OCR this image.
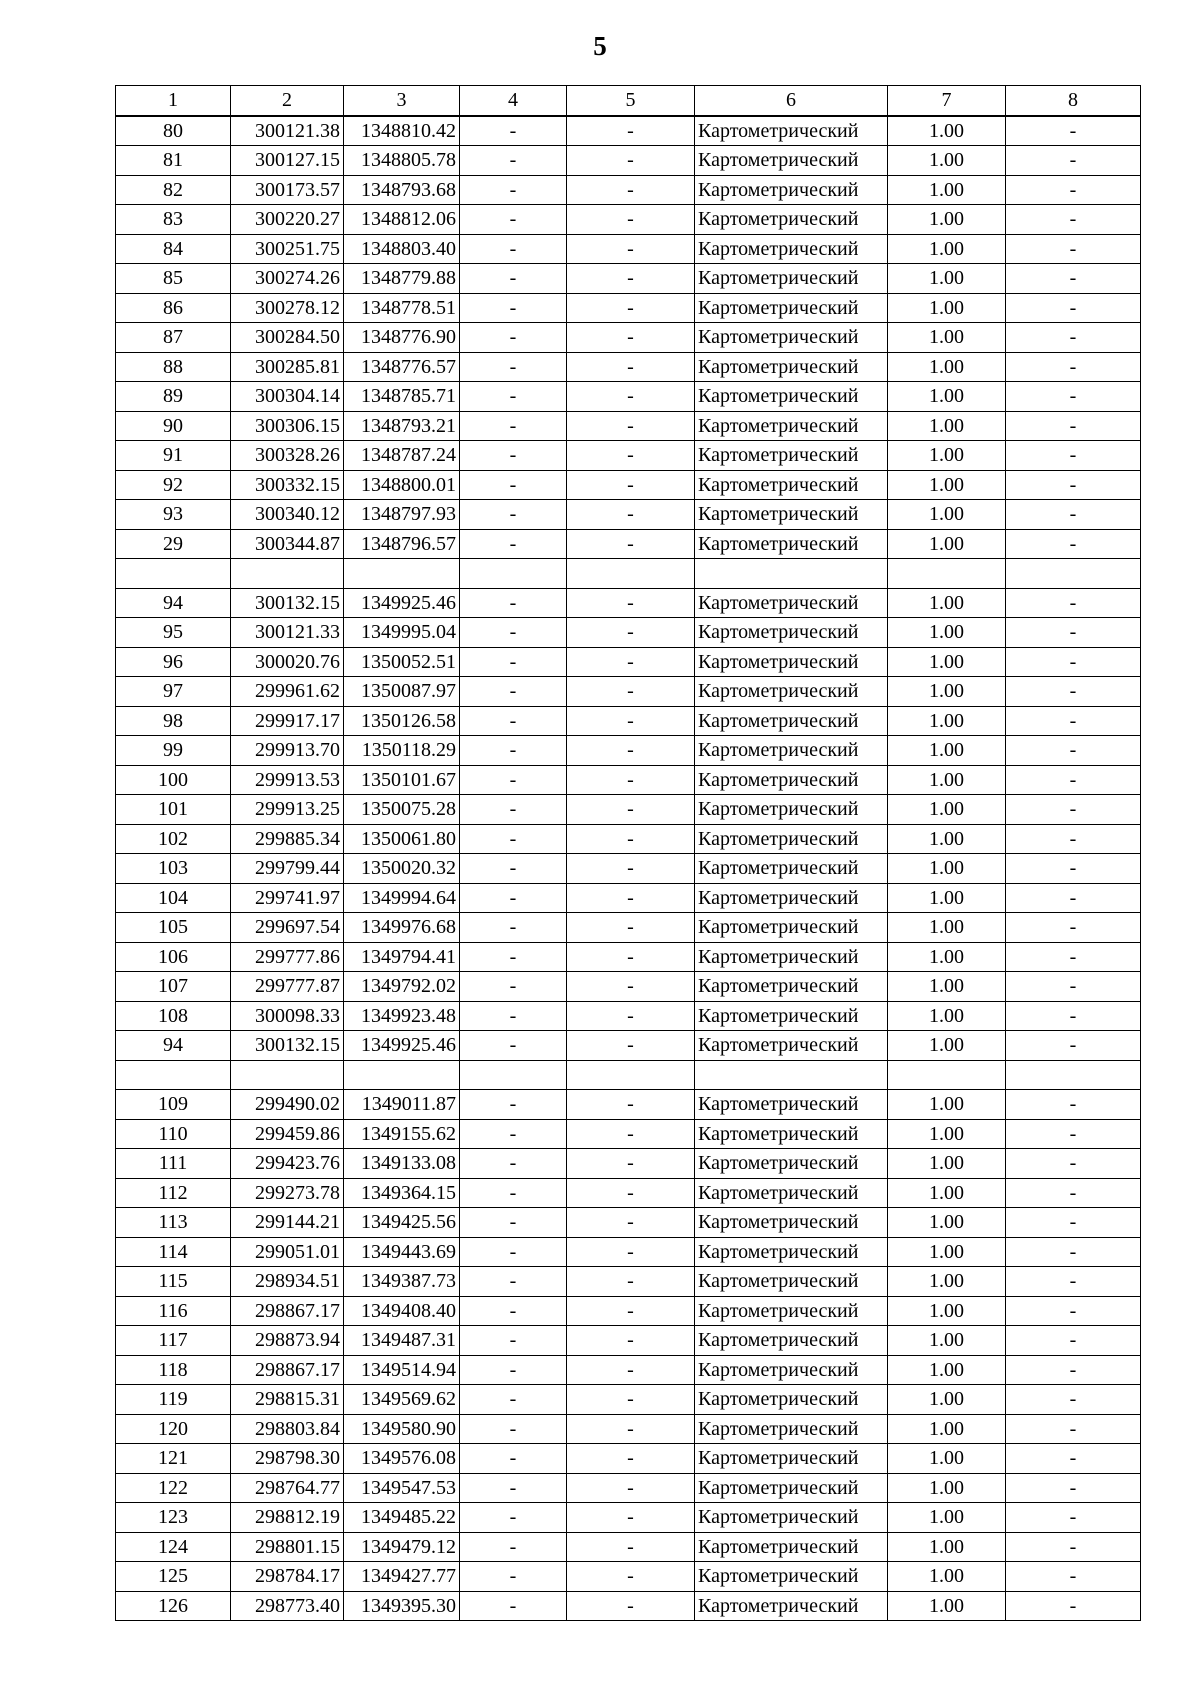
5
1	2	3	4	5	6	7	8
80	300121.38	1348810.42	-	-	Картометрический	1.00	-
81	300127.15	1348805.78	-	-	Картометрический	1.00	-
82	300173.57	1348793.68	-	-	Картометрический	1.00	-
83	300220.27	1348812.06	-	-	Картометрический	1.00	-
84	300251.75	1348803.40	-	-	Картометрический	1.00	-
85	300274.26	1348779.88	-	-	Картометрический	1.00	-
86	300278.12	1348778.51	-	-	Картометрический	1.00	-
87	300284.50	1348776.90	-	-	Картометрический	1.00	-
88	300285.81	1348776.57	-	-	Картометрический	1.00	-
89	300304.14	1348785.71	-	-	Картометрический	1.00	-
90	300306.15	1348793.21	-	-	Картометрический	1.00	-
91	300328.26	1348787.24	-	-	Картометрический	1.00	-
92	300332.15	1348800.01	-	-	Картометрический	1.00	-
93	300340.12	1348797.93	-	-	Картометрический	1.00	-
29	300344.87	1348796.57	-	-	Картометрический	1.00	-

94	300132.15	1349925.46	-	-	Картометрический	1.00	-
95	300121.33	1349995.04	-	-	Картометрический	1.00	-
96	300020.76	1350052.51	-	-	Картометрический	1.00	-
97	299961.62	1350087.97	-	-	Картометрический	1.00	-
98	299917.17	1350126.58	-	-	Картометрический	1.00	-
99	299913.70	1350118.29	-	-	Картометрический	1.00	-
100	299913.53	1350101.67	-	-	Картометрический	1.00	-
101	299913.25	1350075.28	-	-	Картометрический	1.00	-
102	299885.34	1350061.80	-	-	Картометрический	1.00	-
103	299799.44	1350020.32	-	-	Картометрический	1.00	-
104	299741.97	1349994.64	-	-	Картометрический	1.00	-
105	299697.54	1349976.68	-	-	Картометрический	1.00	-
106	299777.86	1349794.41	-	-	Картометрический	1.00	-
107	299777.87	1349792.02	-	-	Картометрический	1.00	-
108	300098.33	1349923.48	-	-	Картометрический	1.00	-
94	300132.15	1349925.46	-	-	Картометрический	1.00	-

109	299490.02	1349011.87	-	-	Картометрический	1.00	-
110	299459.86	1349155.62	-	-	Картометрический	1.00	-
111	299423.76	1349133.08	-	-	Картометрический	1.00	-
112	299273.78	1349364.15	-	-	Картометрический	1.00	-
113	299144.21	1349425.56	-	-	Картометрический	1.00	-
114	299051.01	1349443.69	-	-	Картометрический	1.00	-
115	298934.51	1349387.73	-	-	Картометрический	1.00	-
116	298867.17	1349408.40	-	-	Картометрический	1.00	-
117	298873.94	1349487.31	-	-	Картометрический	1.00	-
118	298867.17	1349514.94	-	-	Картометрический	1.00	-
119	298815.31	1349569.62	-	-	Картометрический	1.00	-
120	298803.84	1349580.90	-	-	Картометрический	1.00	-
121	298798.30	1349576.08	-	-	Картометрический	1.00	-
122	298764.77	1349547.53	-	-	Картометрический	1.00	-
123	298812.19	1349485.22	-	-	Картометрический	1.00	-
124	298801.15	1349479.12	-	-	Картометрический	1.00	-
125	298784.17	1349427.77	-	-	Картометрический	1.00	-
126	298773.40	1349395.30	-	-	Картометрический	1.00	-
